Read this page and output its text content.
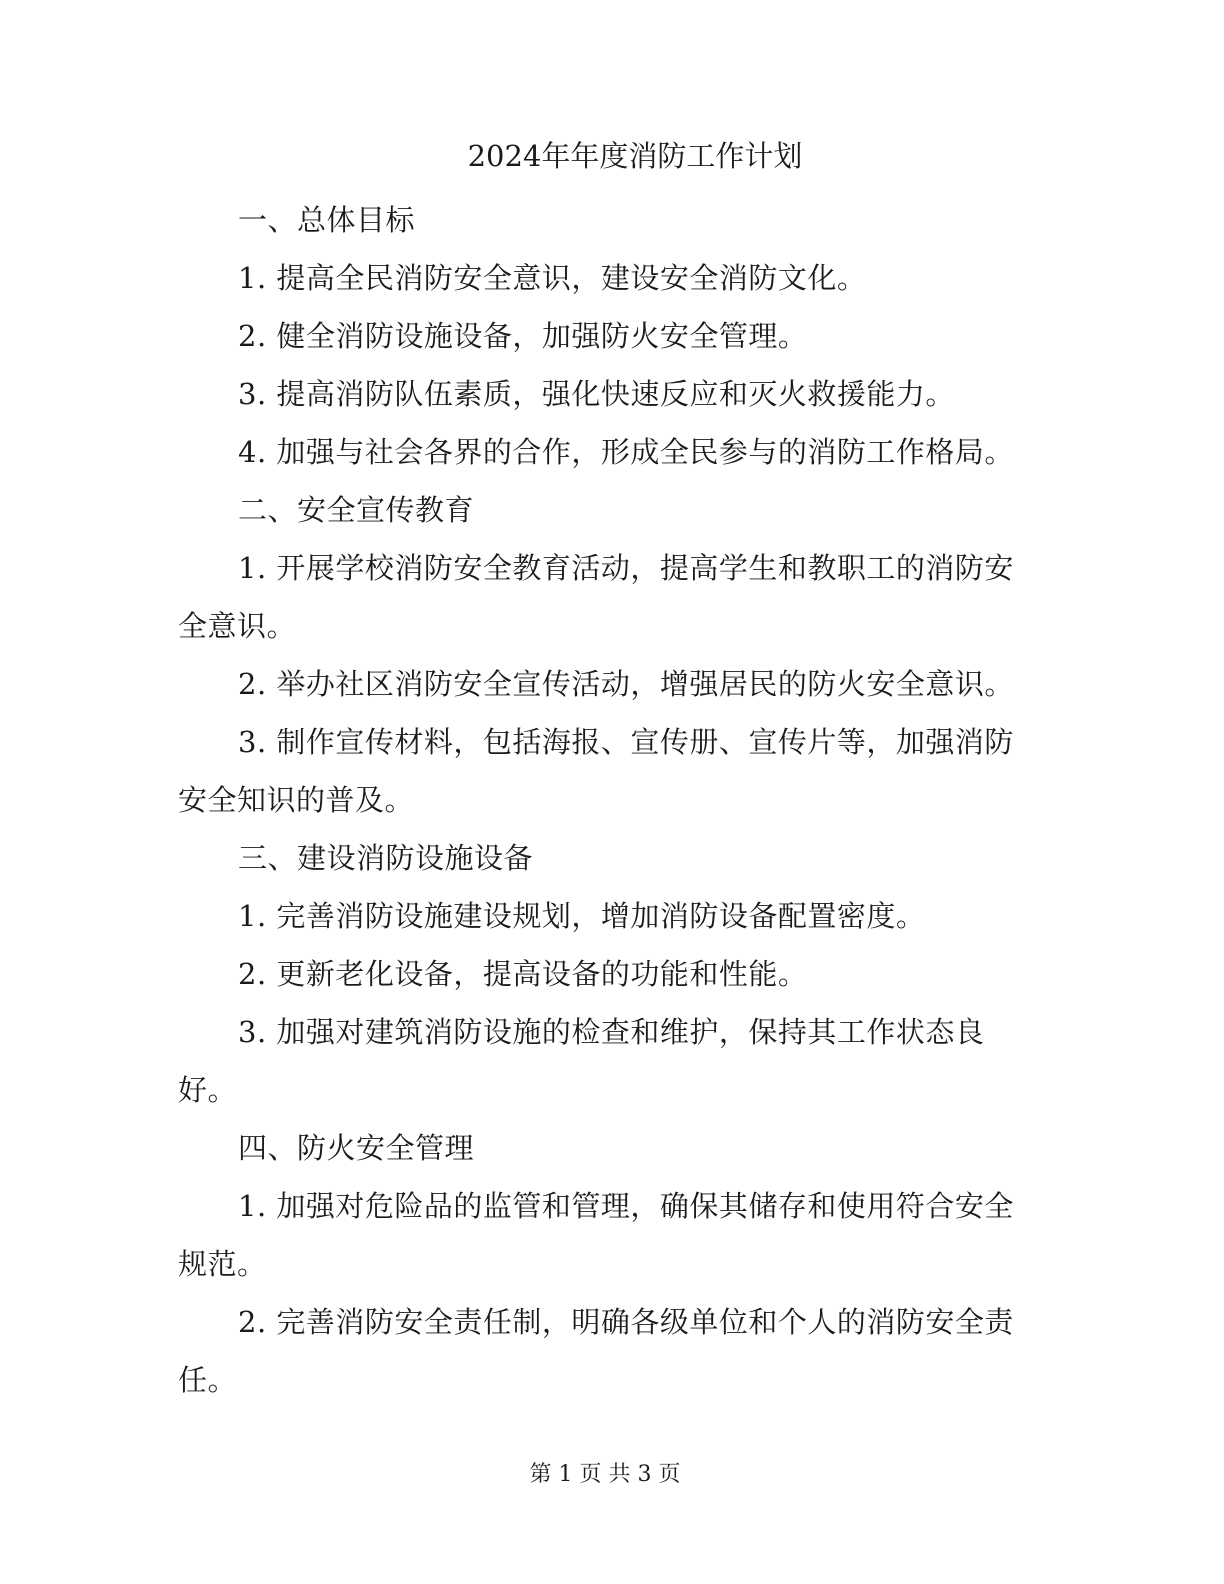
2024年年度消防工作计划

一、总体目标

1. 提高全民消防安全意识，建设安全消防文化。

2. 健全消防设施设备，加强防火安全管理。

3. 提高消防队伍素质，强化快速反应和灭火救援能力。

4. 加强与社会各界的合作，形成全民参与的消防工作格局。

二、安全宣传教育

1. 开展学校消防安全教育活动，提高学生和教职工的消防安全意识。

2. 举办社区消防安全宣传活动，增强居民的防火安全意识。

3. 制作宣传材料，包括海报、宣传册、宣传片等，加强消防安全知识的普及。

三、建设消防设施设备

1. 完善消防设施建设规划，增加消防设备配置密度。

2. 更新老化设备，提高设备的功能和性能。

3. 加强对建筑消防设施的检查和维护，保持其工作状态良好。

四、防火安全管理

1. 加强对危险品的监管和管理，确保其储存和使用符合安全规范。

2. 完善消防安全责任制，明确各级单位和个人的消防安全责任。

第 1 页 共 3 页
